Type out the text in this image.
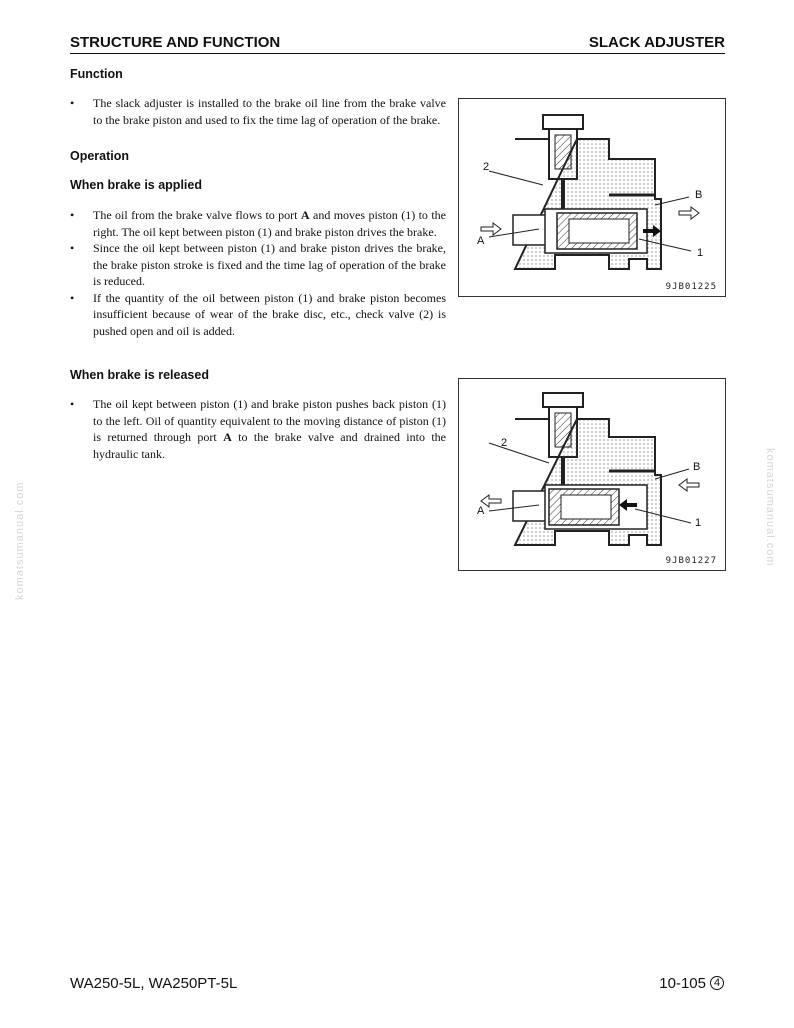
STRUCTURE AND FUNCTION	SLACK ADJUSTER
Function
• The slack adjuster is installed to the brake oil line from the brake valve to the brake piston and used to fix the time lag of operation of the brake.
Operation
When brake is applied
• The oil from the brake valve flows to port A and moves piston (1) to the right. The oil kept between piston (1) and brake piston drives the brake.
• Since the oil kept between piston (1) and brake piston drives the brake, the brake piston stroke is fixed and the time lag of operation of the brake is reduced.
• If the quantity of the oil between piston (1) and brake piston becomes insufficient because of wear of the brake disc, etc., check valve (2) is pushed open and oil is added.
When brake is released
• The oil kept between piston (1) and brake piston pushes back piston (1) to the left. Oil of quantity equivalent to the moving distance of piston (1) is returned through port A to the brake valve and drained into the hydraulic tank.
2
B
A
1
9JB01225
2
B
A
1
9JB01227
komatsumanual.com	komatsumanual.com
WA250-5L, WA250PT-5L	10-105 4
